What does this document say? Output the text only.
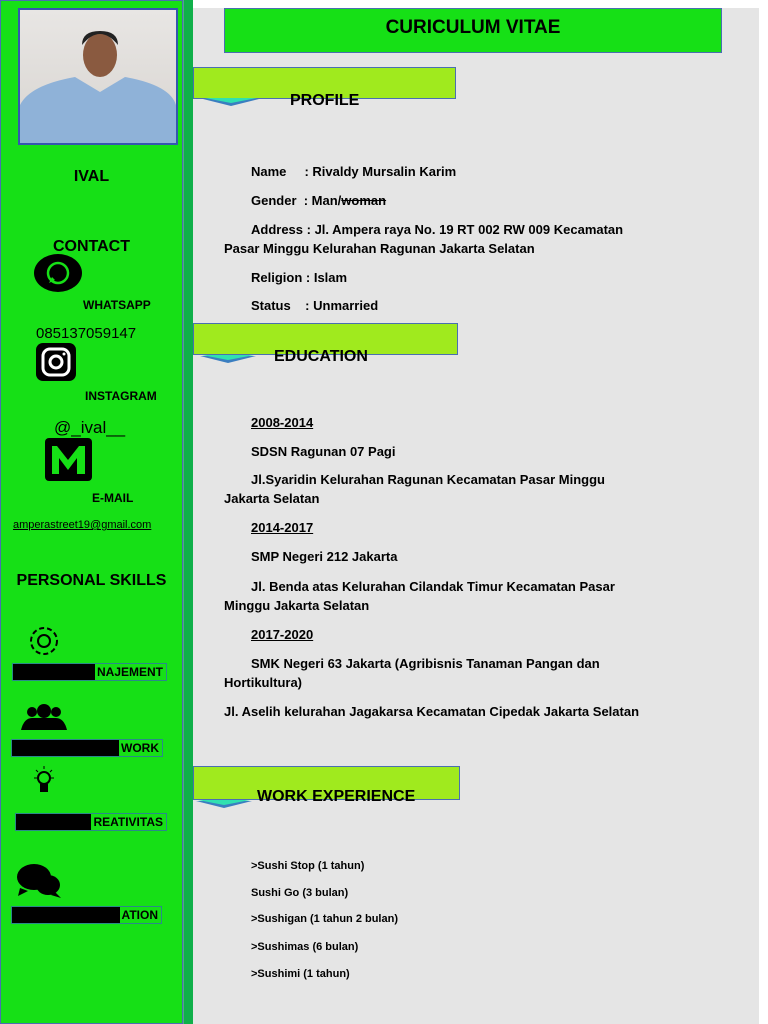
IVAL
CONTACT
WHATSAPP
085137059147
INSTAGRAM
@_ival__
E-MAIL
amperastreet19@gmail.com
PERSONAL SKILLS
NAJEMENT
WORK
REATIVITAS
ATION
CURICULUM VITAE
PROFILE
Name     : Rivaldy Mursalin Karim
Gender  : Man/woman
Address : Jl. Ampera raya No. 19 RT 002 RW 009 Kecamatan
Pasar Minggu Kelurahan Ragunan Jakarta Selatan
Religion : Islam
Status    : Unmarried
EDUCATION
2008-2014
SDSN Ragunan 07 Pagi
Jl.Syaridin Kelurahan Ragunan Kecamatan Pasar Minggu
Jakarta Selatan
2014-2017
SMP Negeri 212 Jakarta
Jl. Benda atas Kelurahan Cilandak Timur Kecamatan Pasar
Minggu Jakarta Selatan
2017-2020
SMK Negeri 63 Jakarta (Agribisnis Tanaman Pangan dan
Hortikultura)
Jl. Aselih kelurahan Jagakarsa Kecamatan Cipedak Jakarta Selatan
WORK EXPERIENCE
>Sushi Stop (1 tahun)
Sushi Go (3 bulan)
>Sushigan (1 tahun 2 bulan)
>Sushimas (6 bulan)
>Sushimi (1 tahun)
